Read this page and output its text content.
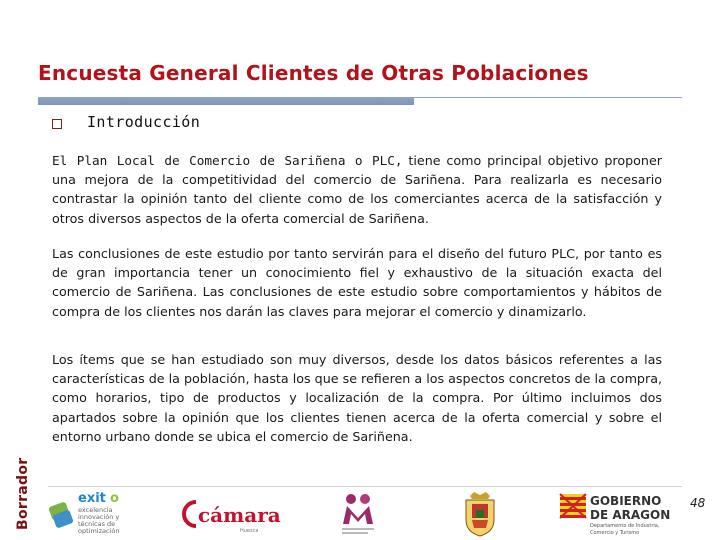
Encuesta General Clientes de Otras Poblaciones
Introducción

El Plan Local de Comercio de Sariñena o PLC, tiene como principal objetivo proponer una mejora de la competitividad del comercio de Sariñena. Para realizarla es necesario contrastar la opinión tanto del cliente como de los comerciantes acerca de la satisfacción y otros diversos aspectos de la oferta comercial de Sariñena.

Las conclusiones de este estudio por tanto servirán para el diseño del futuro PLC, por tanto es de gran importancia tener un conocimiento fiel y exhaustivo de la situación exacta del comercio de Sariñena. Las conclusiones de este estudio sobre comportamientos y hábitos de compra de los clientes nos darán las claves para mejorar el comercio y dinamizarlo.

Los ítems que se han estudiado son muy diversos, desde los datos básicos referentes a las características de la población, hasta los que se refieren a los aspectos concretos de la compra, como horarios, tipo de productos y localización de la compra. Por último incluimos dos apartados sobre la opinión que los clientes tienen acerca de la oferta comercial y sobre el entorno urbano donde se ubica el comercio de Sariñena.

48
Borrador	exit o
excelencia
innovación y
técnicas de
optimización
cámara
Huesca
GOBIERNO
DE ARAGON
Departamento de Industria,
Comercio y Turismo
